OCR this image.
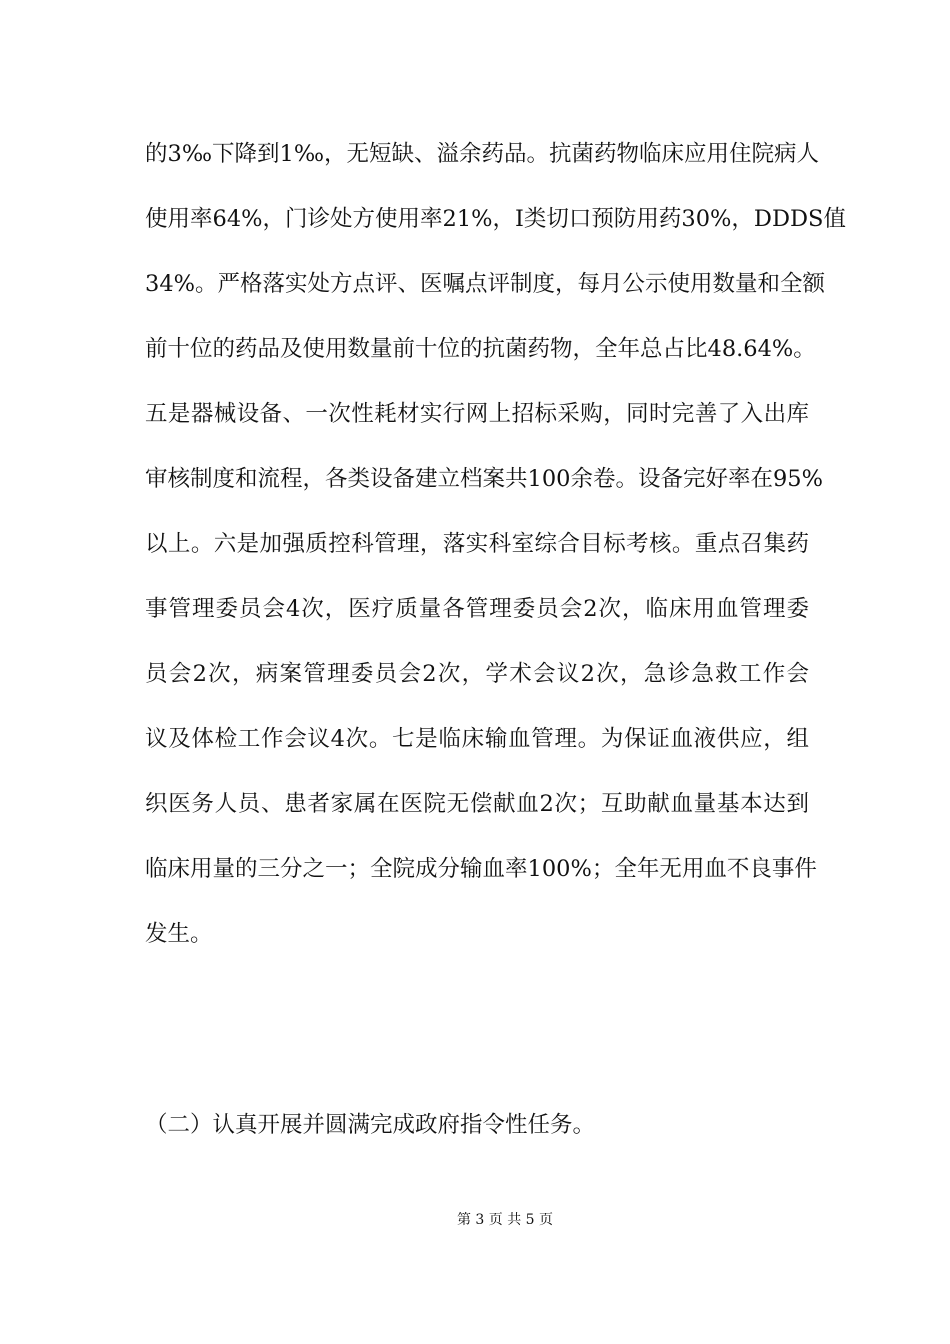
的3‰下降到1‰，无短缺、溢余药品。抗菌药物临床应用住院病人
使用率64%，门诊处方使用率21%，I类切口预防用药30%，DDDS值
34%。严格落实处方点评、医嘱点评制度，每月公示使用数量和全额
前十位的药品及使用数量前十位的抗菌药物，全年总占比48.64%。
五是器械设备、一次性耗材实行网上招标采购，同时完善了入出库
审核制度和流程，各类设备建立档案共100余卷。设备完好率在95%
以上。六是加强质控科管理，落实科室综合目标考核。重点召集药
事管理委员会4次，医疗质量各管理委员会2次，临床用血管理委
员会2次，病案管理委员会2次，学术会议2次，急诊急救工作会
议及体检工作会议4次。七是临床输血管理。为保证血液供应，组
织医务人员、患者家属在医院无偿献血2次；互助献血量基本达到
临床用量的三分之一；全院成分输血率100%；全年无用血不良事件
发生。

（二）认真开展并圆满完成政府指令性任务。

第 3 页 共 5 页
